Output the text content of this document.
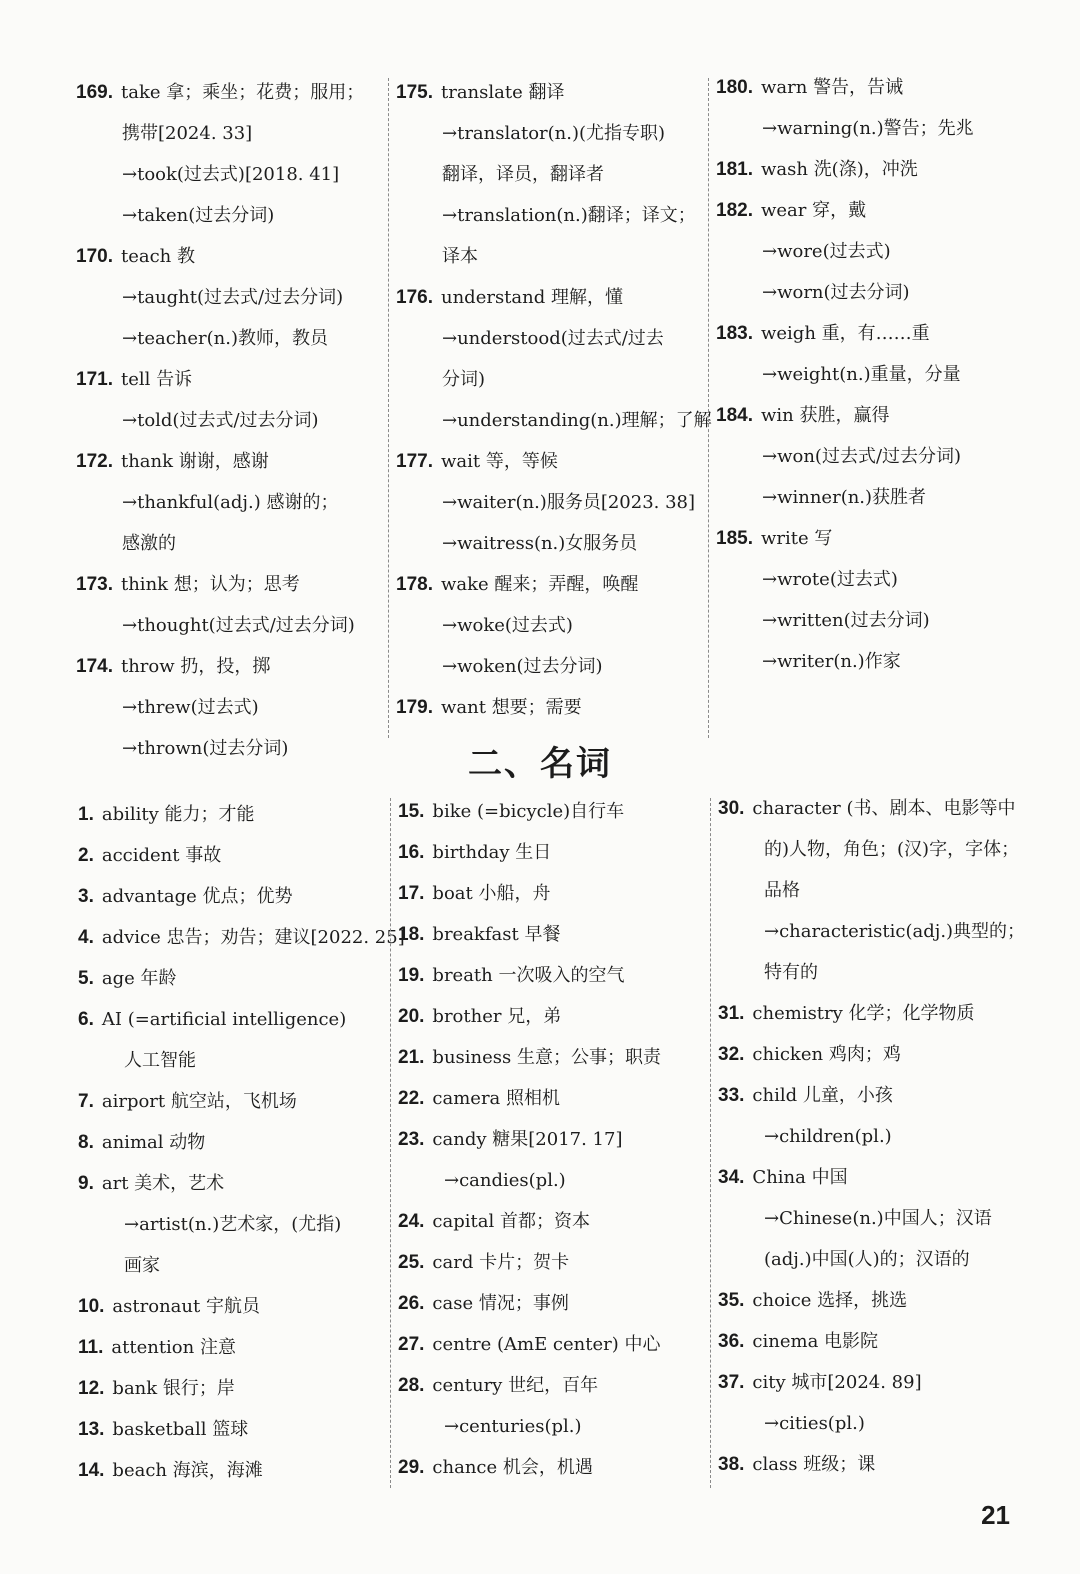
169. take 拿；乘坐；花费；服用；
携带[2024. 33]
→took(过去式)[2018. 41]
→taken(过去分词)
170. teach 教
→taught(过去式/过去分词)
→teacher(n.)教师，教员
171. tell 告诉
→told(过去式/过去分词)
172. thank 谢谢，感谢
→thankful(adj.) 感谢的；
感激的
173. think 想；认为；思考
→thought(过去式/过去分词)
174. throw 扔，投，掷
→threw(过去式)
→thrown(过去分词)
175. translate 翻译
→translator(n.)(尤指专职)
翻译，译员，翻译者
→translation(n.)翻译；译文；
译本
176. understand 理解，懂
→understood(过去式/过去
分词)
→understanding(n.)理解；了解
177. wait 等，等候
→waiter(n.)服务员[2023. 38]
→waitress(n.)女服务员
178. wake 醒来；弄醒，唤醒
→woke(过去式)
→woken(过去分词)
179. want 想要；需要
180. warn 警告，告诫
→warning(n.)警告；先兆
181. wash 洗(涤)，冲洗
182. wear 穿，戴
→wore(过去式)
→worn(过去分词)
183. weigh 重，有……重
→weight(n.)重量，分量
184. win 获胜，赢得
→won(过去式/过去分词)
→winner(n.)获胜者
185. write 写
→wrote(过去式)
→written(过去分词)
→writer(n.)作家
二、名词
1. ability 能力；才能
2. accident 事故
3. advantage 优点；优势
4. advice 忠告；劝告；建议[2022. 25]
5. age 年龄
6. AI (=artificial intelligence)
人工智能
7. airport 航空站，飞机场
8. animal 动物
9. art 美术，艺术
→artist(n.)艺术家，(尤指)
画家
10. astronaut 宇航员
11. attention 注意
12. bank 银行；岸
13. basketball 篮球
14. beach 海滨，海滩
15. bike (=bicycle)自行车
16. birthday 生日
17. boat 小船，舟
18. breakfast 早餐
19. breath 一次吸入的空气
20. brother 兄，弟
21. business 生意；公事；职责
22. camera 照相机
23. candy 糖果[2017. 17]
→candies(pl.)
24. capital 首都；资本
25. card 卡片；贺卡
26. case 情况；事例
27. centre (AmE center) 中心
28. century 世纪，百年
→centuries(pl.)
29. chance 机会，机遇
30. character (书、剧本、电影等中
的)人物，角色；(汉)字，字体；
品格
→characteristic(adj.)典型的；
特有的
31. chemistry 化学；化学物质
32. chicken 鸡肉；鸡
33. child 儿童，小孩
→children(pl.)
34. China 中国
→Chinese(n.)中国人；汉语
(adj.)中国(人)的；汉语的
35. choice 选择，挑选
36. cinema 电影院
37. city 城市[2024. 89]
→cities(pl.)
38. class 班级；课
21
